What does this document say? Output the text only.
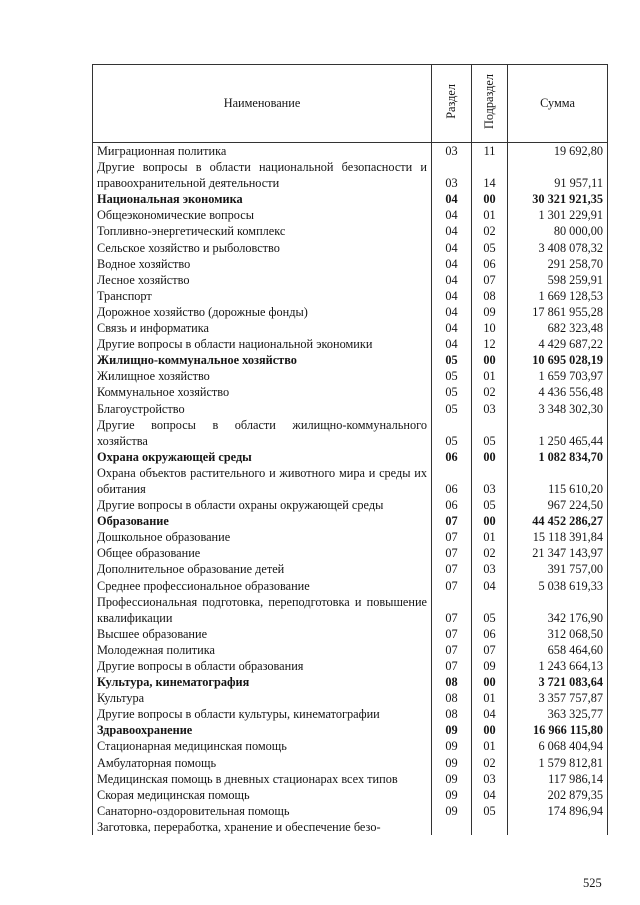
Наименование	Раздел	Подраздел	Сумма
Миграционная политика	03	11	19 692,80
Другие вопросы в области национальной безопасности и правоохранительной деятельности	03	14	91 957,11
Национальная экономика	04	00	30 321 921,35
Общеэкономические вопросы	04	01	1 301 229,91
Топливно-энергетический комплекс	04	02	80 000,00
Сельское хозяйство и рыболовство	04	05	3 408 078,32
Водное хозяйство	04	06	291 258,70
Лесное хозяйство	04	07	598 259,91
Транспорт	04	08	1 669 128,53
Дорожное хозяйство (дорожные фонды)	04	09	17 861 955,28
Связь и информатика	04	10	682 323,48
Другие вопросы в области национальной экономики	04	12	4 429 687,22
Жилищно-коммунальное хозяйство	05	00	10 695 028,19
Жилищное хозяйство	05	01	1 659 703,97
Коммунальное хозяйство	05	02	4 436 556,48
Благоустройство	05	03	3 348 302,30
Другие вопросы в области жилищно-коммунального хозяйства	05	05	1 250 465,44
Охрана окружающей среды	06	00	1 082 834,70
Охрана объектов растительного и животного мира и среды их обитания	06	03	115 610,20
Другие вопросы в области охраны окружающей среды	06	05	967 224,50
Образование	07	00	44 452 286,27
Дошкольное образование	07	01	15 118 391,84
Общее образование	07	02	21 347 143,97
Дополнительное образование детей	07	03	391 757,00
Среднее профессиональное образование	07	04	5 038 619,33
Профессиональная подготовка, переподготовка и повышение квалификации	07	05	342 176,90
Высшее образование	07	06	312 068,50
Молодежная политика	07	07	658 464,60
Другие вопросы в области образования	07	09	1 243 664,13
Культура, кинематография	08	00	3 721 083,64
Культура	08	01	3 357 757,87
Другие вопросы в области культуры, кинематографии	08	04	363 325,77
Здравоохранение	09	00	16 966 115,80
Стационарная медицинская помощь	09	01	6 068 404,94
Амбулаторная помощь	09	02	1 579 812,81
Медицинская помощь в дневных стационарах всех типов	09	03	117 986,14
Скорая медицинская помощь	09	04	202 879,35
Санаторно-оздоровительная помощь	09	05	174 896,94
Заготовка, переработка, хранение и обеспечение безо-			
525
